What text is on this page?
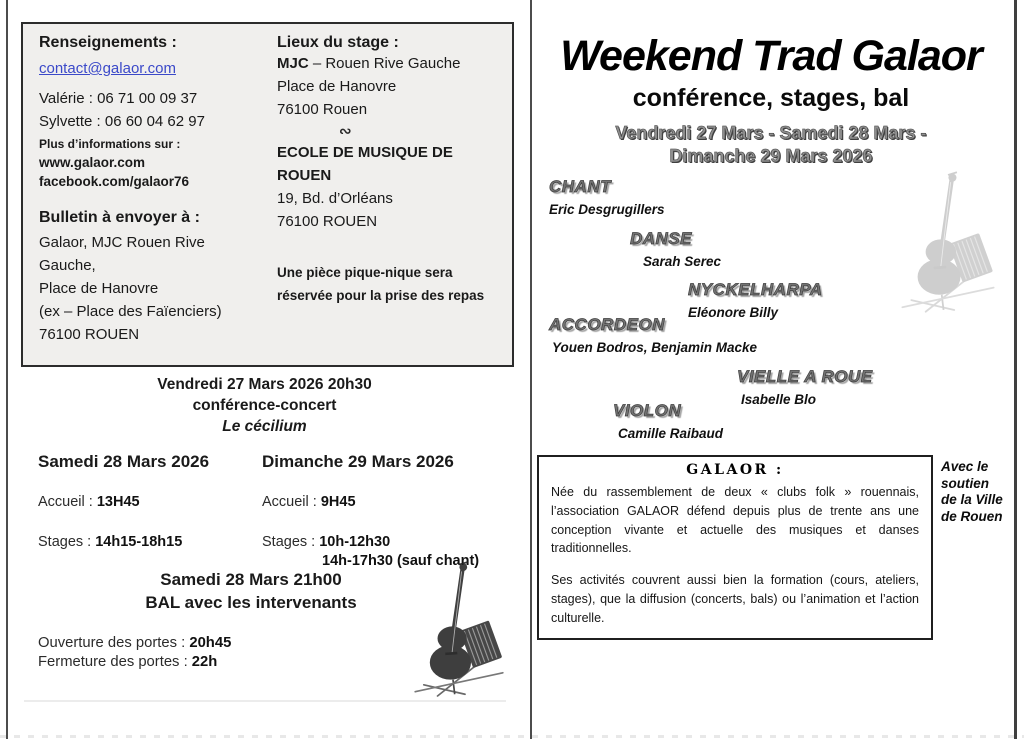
Renseignements :
contact@galaor.com
Valérie : 06 71 00 09 37
Sylvette : 06 60 04 62 97
Plus d’informations sur :
www.galaor.com
facebook.com/galaor76
Bulletin à envoyer à :
Galaor, MJC Rouen Rive
Gauche,
Place de Hanovre
(ex – Place des Faïenciers)
76100 ROUEN
Lieux du stage :
MJC – Rouen Rive Gauche
Place de Hanovre
76100 Rouen
∾
ECOLE DE MUSIQUE DE
ROUEN
19, Bd. d’Orléans
76100 ROUEN
Une pièce pique-nique sera
réservée pour la prise des repas
Vendredi 27 Mars 2026 20h30
conférence-concert
Le cécilium
Samedi 28 Mars 2026
Accueil : 13H45
Stages : 14h15-18h15
Dimanche 29 Mars 2026
Accueil : 9H45
Stages : 10h-12h30
14h-17h30 (sauf chant)
Samedi 28 Mars 21h00
BAL avec les intervenants
Ouverture des portes : 20h45
Fermeture des portes : 22h
Weekend Trad Galaor
conférence, stages, bal
Vendredi 27 Mars - Samedi 28 Mars -
Dimanche 29 Mars 2026
CHANT
Eric Desgrugillers
DANSE
Sarah Serec
NYCKELHARPA
Eléonore Billy
ACCORDEON
Youen Bodros, Benjamin Macke
VIELLE A ROUE
Isabelle Blo
VIOLON
Camille Raibaud
GALAOR :

Née du rassemblement de deux « clubs folk » rouennais, l’association GALAOR défend depuis plus de trente ans une conception vivante et actuelle des musiques et danses traditionnelles.

Ses activités couvrent aussi bien la formation (cours, ateliers, stages), que la diffusion (concerts, bals) ou l’animation et l’action culturelle.

Avec le
soutien
de la Ville
de Rouen
